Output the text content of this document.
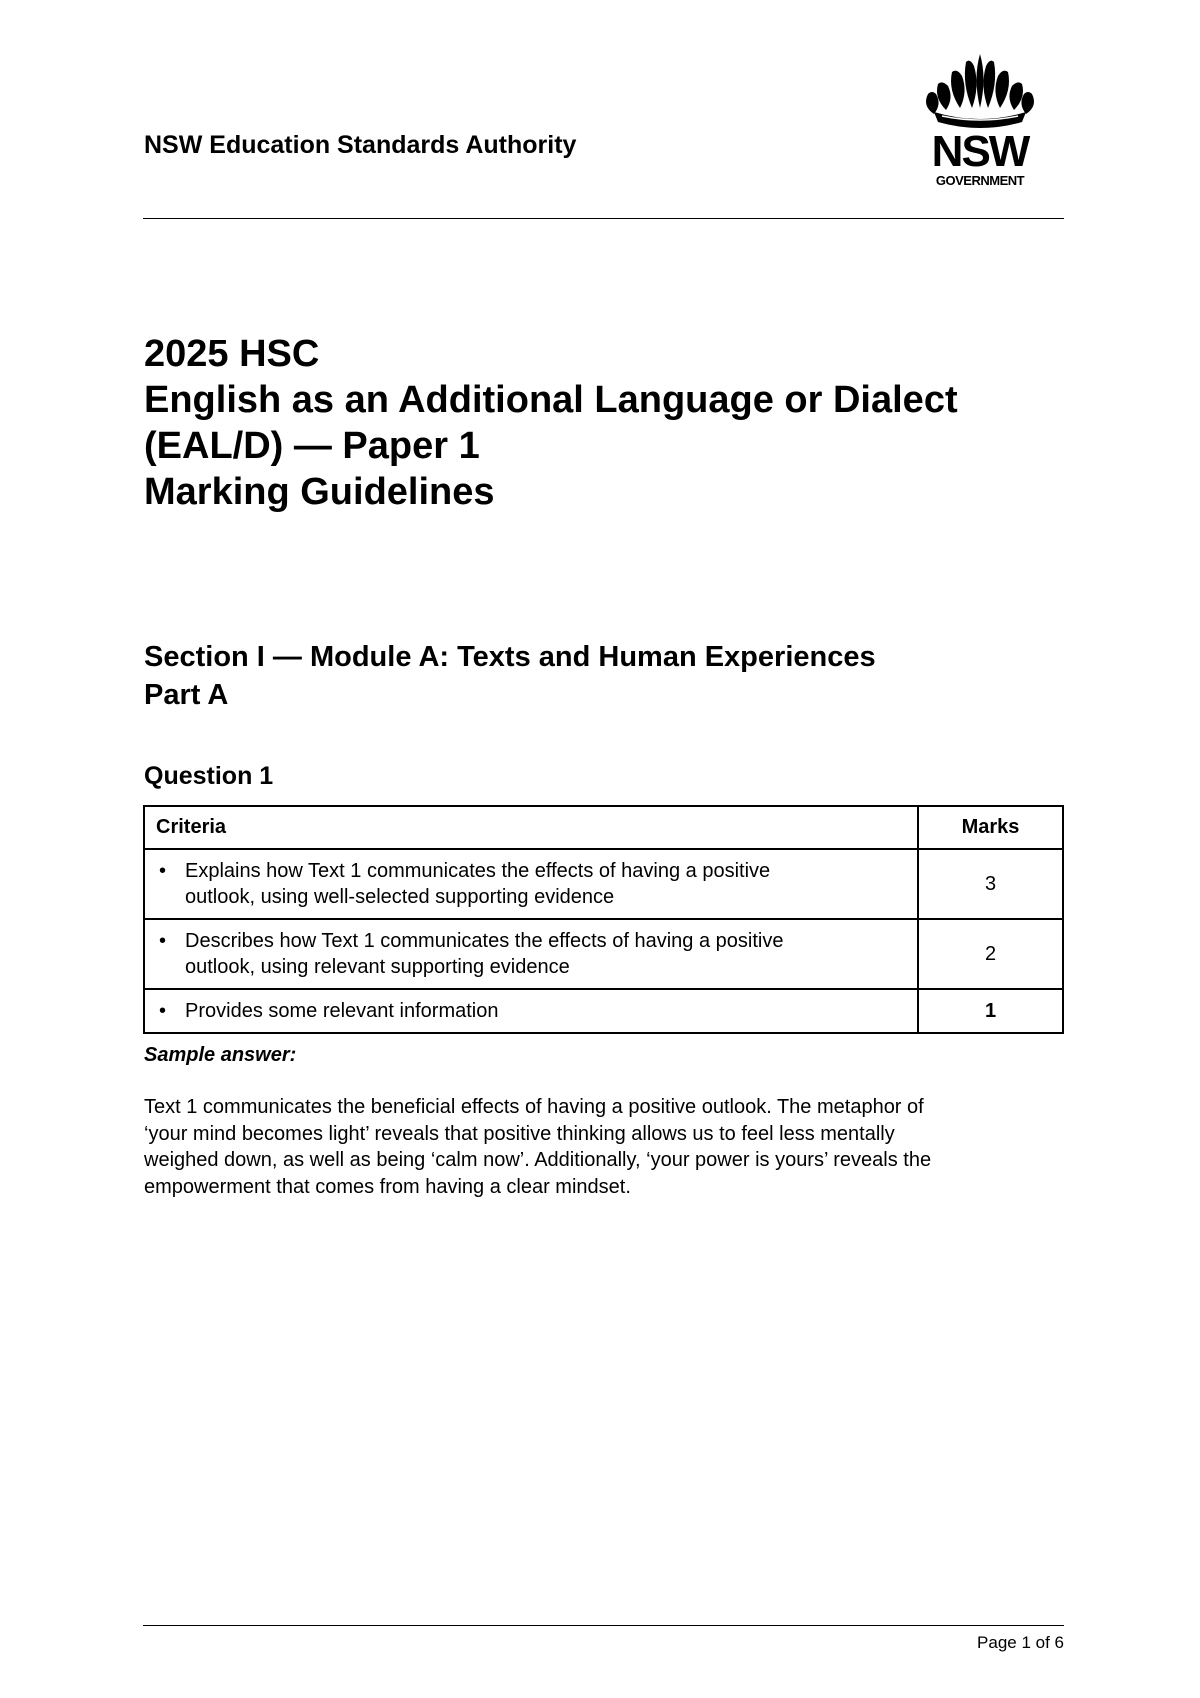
NSW Education Standards Authority	NSW
GOVERNMENT
2025 HSC
English as an Additional Language or Dialect
(EAL/D) — Paper 1
Marking Guidelines
Section I — Module A: Texts and Human Experiences
Part A
Question 1
Criteria	Marks

• Explains how Text 1 communicates the effects of having a positive
outlook, using well-selected supporting evidence	3

• Describes how Text 1 communicates the effects of having a positive
outlook, using relevant supporting evidence	2

• Provides some relevant information	1
Sample answer:
Text 1 communicates the beneficial effects of having a positive outlook. The metaphor of
‘your mind becomes light’ reveals that positive thinking allows us to feel less mentally
weighed down, as well as being ‘calm now’. Additionally, ‘your power is yours’ reveals the
empowerment that comes from having a clear mindset.
Page 1 of 6
